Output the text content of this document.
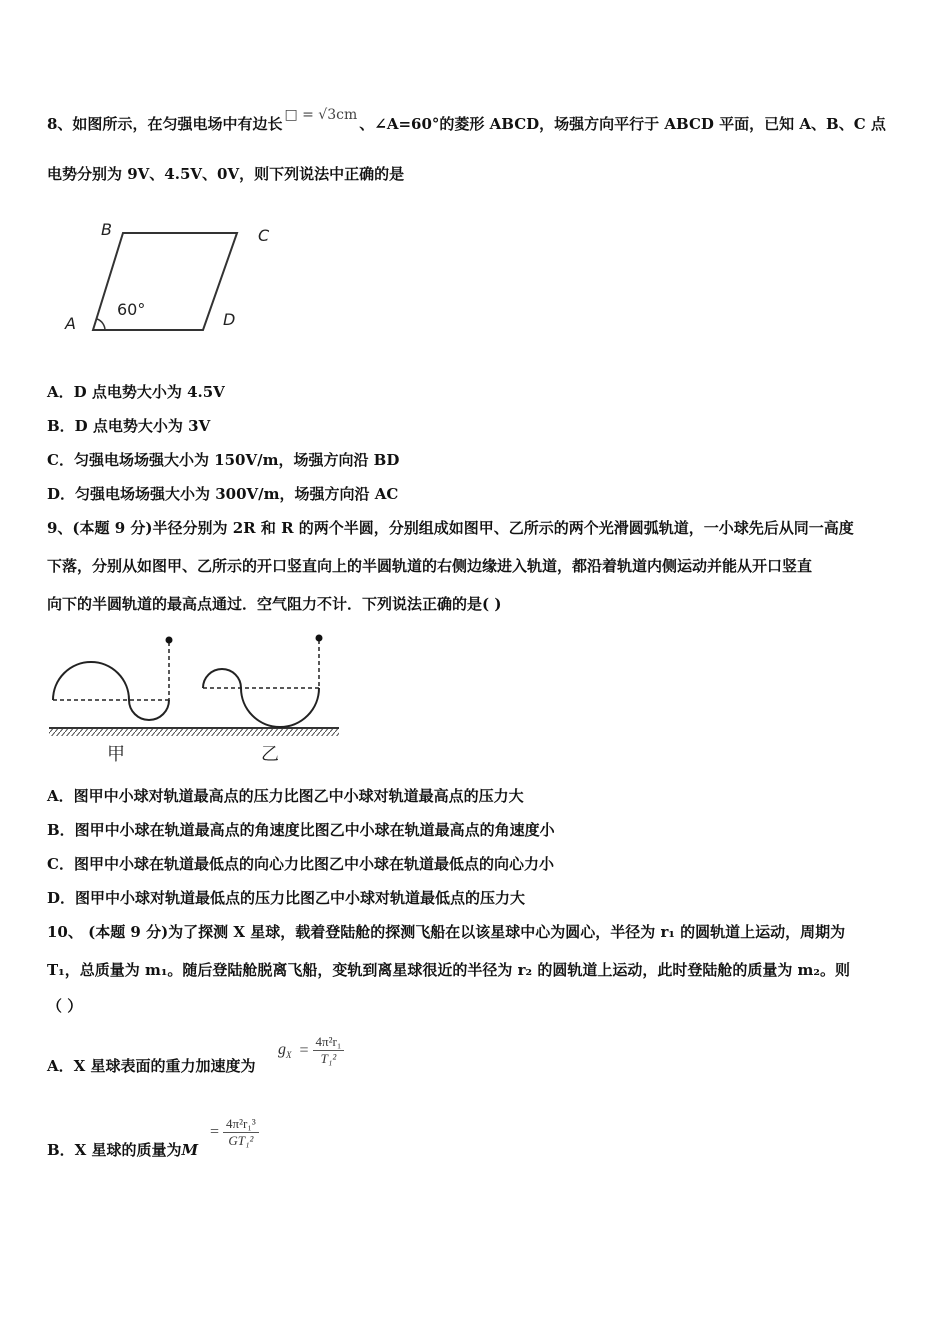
8、如图所示，在匀强电场中有边长 □ = √3cm 、∠A=60°的菱形 ABCD，场强方向平行于 ABCD 平面，已知 A、B、C 点
电势分别为 9V、4.5V、0V，则下列说法中正确的是
B	C
A	D
60°
A．D 点电势大小为 4.5V
B．D 点电势大小为 3V
C．匀强电场场强大小为 150V/m，场强方向沿 BD
D．匀强电场场强大小为 300V/m，场强方向沿 AC
9、(本题 9 分)半径分别为 2R 和 R 的两个半圆，分别组成如图甲、乙所示的两个光滑圆弧轨道，一小球先后从同一高度
下落，分别从如图甲、乙所示的开口竖直向上的半圆轨道的右侧边缘进入轨道，都沿着轨道内侧运动并能从开口竖直
向下的半圆轨道的最高点通过．空气阻力不计．下列说法正确的是( )
甲	乙
A．图甲中小球对轨道最高点的压力比图乙中小球对轨道最高点的压力大
B．图甲中小球在轨道最高点的角速度比图乙中小球在轨道最高点的角速度小
C．图甲中小球在轨道最低点的向心力比图乙中小球在轨道最低点的向心力小
D．图甲中小球对轨道最低点的压力比图乙中小球对轨道最低点的压力大
10、 (本题 9 分)为了探测 X 星球，载着登陆舱的探测飞船在以该星球中心为圆心，半径为 r₁ 的圆轨道上运动，周期为
T₁，总质量为 m₁。随后登陆舱脱离飞船，变轨到离星球很近的半径为 r₂ 的圆轨道上运动，此时登陆舱的质量为 m₂。则
（ ）
A．X 星球表面的重力加速度为
$g_X = \frac{\text{4π²r₁}}{\text{T₁²}}$
B．X 星球的质量为M
= $\frac{\text{4π²r₁³}}{\text{GT₁²}}$
